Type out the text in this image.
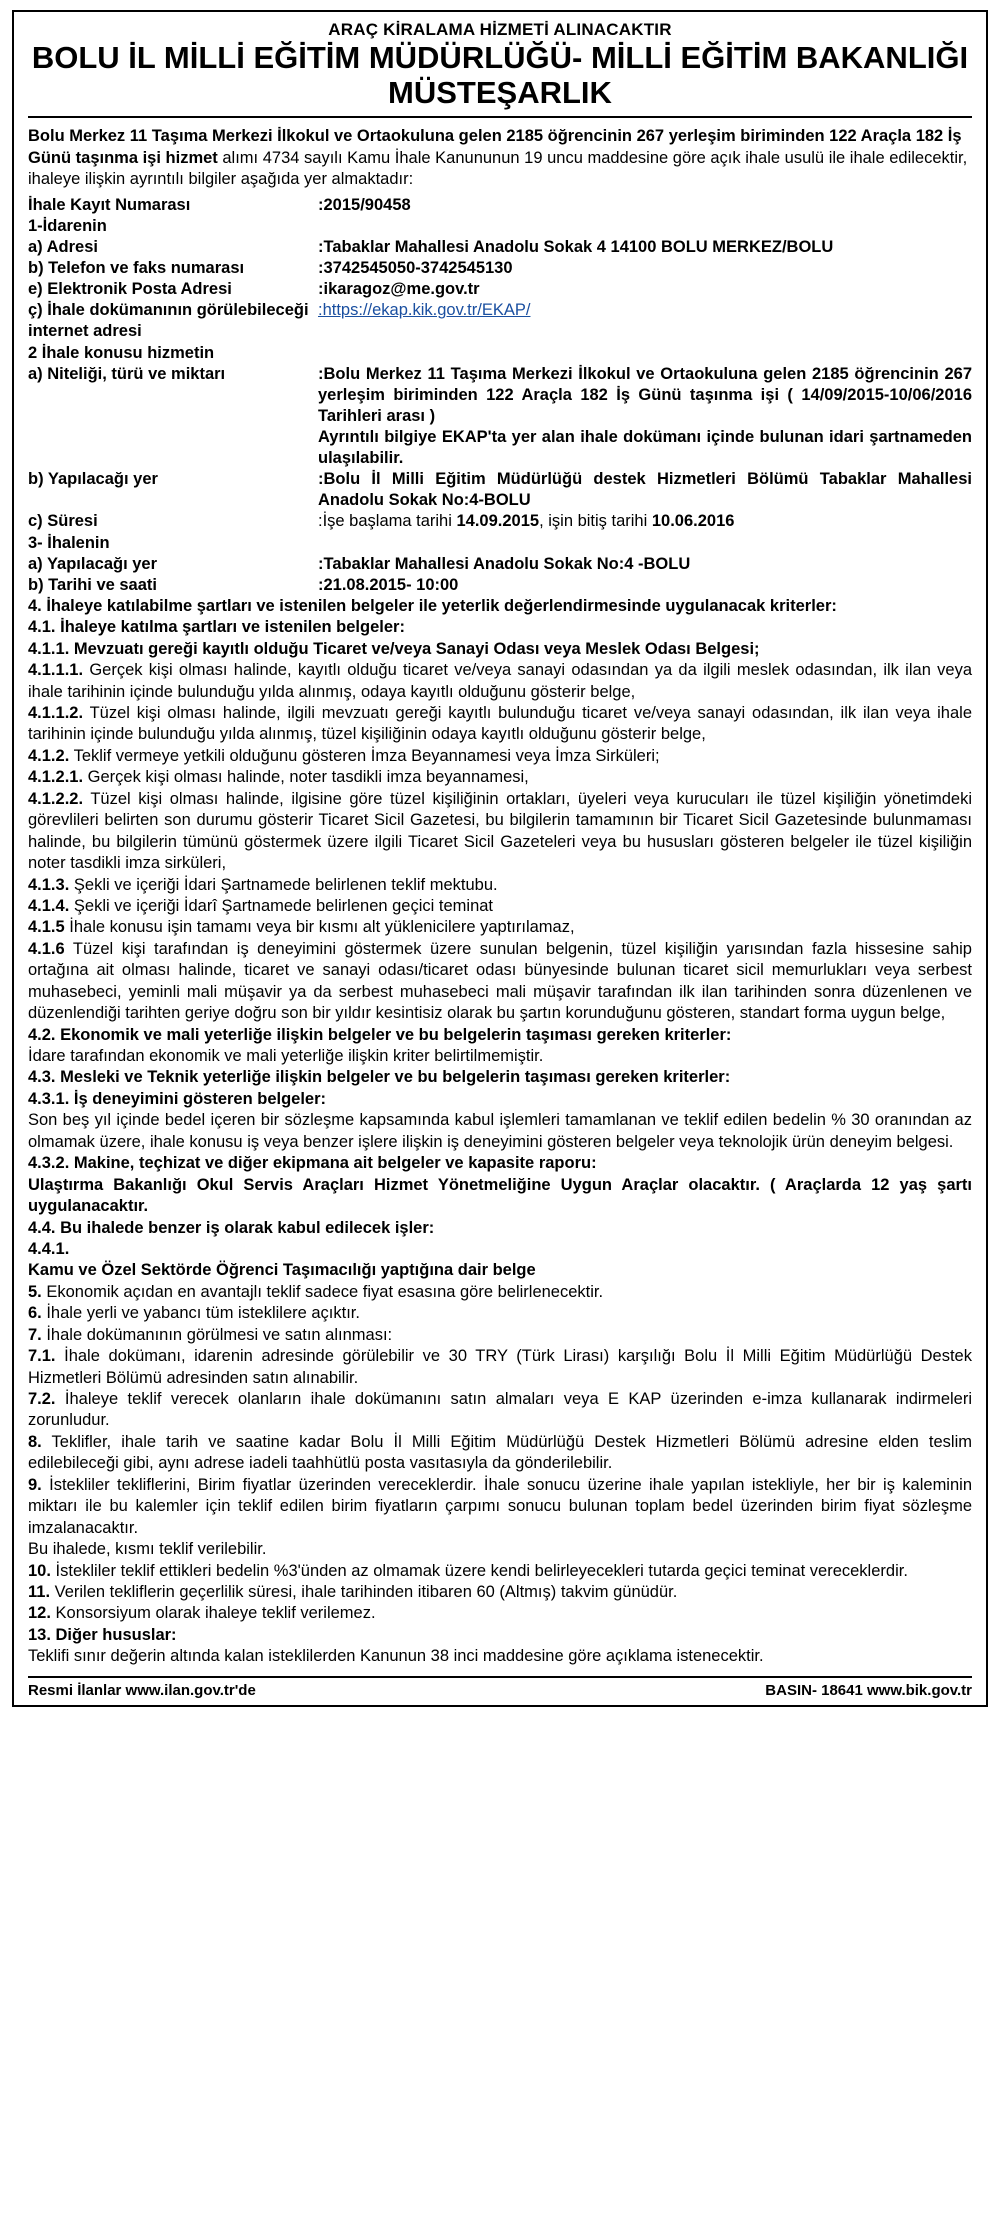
ARAÇ KİRALAMA HİZMETİ ALINACAKTIR
BOLU İL MİLLİ EĞİTİM MÜDÜRLÜĞÜ- MİLLİ EĞİTİM BAKANLIĞI MÜSTEŞARLIK
Bolu Merkez 11 Taşıma Merkezi İlkokul ve Ortaokuluna gelen 2185 öğrencinin 267 yerleşim biriminden 122 Araçla 182 İş Günü taşınma işi hizmet alımı 4734 sayılı Kamu İhale Kanununun 19 uncu maddesine göre açık ihale usulü ile ihale edilecektir, ihaleye ilişkin ayrıntılı bilgiler aşağıda yer almaktadır:
İhale Kayıt Numarası	:2015/90458
1-İdarenin	
a) Adresi	:Tabaklar Mahallesi Anadolu Sokak 4 14100 BOLU MERKEZ/BOLU
b) Telefon ve faks numarası	:3742545050-3742545130
e) Elektronik Posta Adresi	:ikaragoz@me.gov.tr
ç) İhale dokümanının görülebileceği internet adresi	:https://ekap.kik.gov.tr/EKAP/
2 İhale konusu hizmetin	
a) Niteliği, türü ve miktarı	:Bolu Merkez 11 Taşıma Merkezi İlkokul ve Ortaokuluna gelen 2185 öğrencinin 267 yerleşim biriminden 122 Araçla 182 İş Günü taşınma işi ( 14/09/2015-10/06/2016 Tarihleri arası )
Ayrıntılı bilgiye EKAP'ta yer alan ihale dokümanı içinde bulunan idari şartnameden ulaşılabilir.

b) Yapılacağı yer	:Bolu İl Milli Eğitim Müdürlüğü destek Hizmetleri Bölümü Tabaklar Mahallesi Anadolu Sokak No:4-BOLU
c) Süresi	:İşe başlama tarihi 14.09.2015, işin bitiş tarihi 10.06.2016
3- İhalenin	
a) Yapılacağı yer	:Tabaklar Mahallesi Anadolu Sokak No:4 -BOLU
b) Tarihi ve saati	:21.08.2015- 10:00
4. İhaleye katılabilme şartları ve istenilen belgeler ile yeterlik değerlendirmesinde uygulanacak kriterler:
4.1. İhaleye katılma şartları ve istenilen belgeler:
4.1.1. Mevzuatı gereği kayıtlı olduğu Ticaret ve/veya Sanayi Odası veya Meslek Odası Belgesi;
4.1.1.1. Gerçek kişi olması halinde, kayıtlı olduğu ticaret ve/veya sanayi odasından ya da ilgili meslek odasından, ilk ilan veya ihale tarihinin içinde bulunduğu yılda alınmış, odaya kayıtlı olduğunu gösterir belge,
4.1.1.2. Tüzel kişi olması halinde, ilgili mevzuatı gereği kayıtlı bulunduğu ticaret ve/veya sanayi odasından, ilk ilan veya ihale tarihinin içinde bulunduğu yılda alınmış, tüzel kişiliğinin odaya kayıtlı olduğunu gösterir belge,
4.1.2. Teklif vermeye yetkili olduğunu gösteren İmza Beyannamesi veya İmza Sirküleri;
4.1.2.1. Gerçek kişi olması halinde, noter tasdikli imza beyannamesi,
4.1.2.2. Tüzel kişi olması halinde, ilgisine göre tüzel kişiliğinin ortakları, üyeleri veya kurucuları ile tüzel kişiliğin yönetimdeki görevlileri belirten son durumu gösterir Ticaret Sicil Gazetesi, bu bilgilerin tamamının bir Ticaret Sicil Gazetesinde bulunmaması halinde, bu bilgilerin tümünü göstermek üzere ilgili Ticaret Sicil Gazeteleri veya bu hususları gösteren belgeler ile tüzel kişiliğin noter tasdikli imza sirküleri,
4.1.3. Şekli ve içeriği İdari Şartnamede belirlenen teklif mektubu.
4.1.4. Şekli ve içeriği İdarî Şartnamede belirlenen geçici teminat
4.1.5 İhale konusu işin tamamı veya bir kısmı alt yüklenicilere yaptırılamaz,
4.1.6 Tüzel kişi tarafından iş deneyimini göstermek üzere sunulan belgenin, tüzel kişiliğin yarısından fazla hissesine sahip ortağına ait olması halinde, ticaret ve sanayi odası/ticaret odası bünyesinde bulunan ticaret sicil memurlukları veya serbest muhasebeci, yeminli mali müşavir ya da serbest muhasebeci mali müşavir tarafından ilk ilan tarihinden sonra düzenlenen ve düzenlendiği tarihten geriye doğru son bir yıldır kesintisiz olarak bu şartın korunduğunu gösteren, standart forma uygun belge,
4.2. Ekonomik ve mali yeterliğe ilişkin belgeler ve bu belgelerin taşıması gereken kriterler:
İdare tarafından ekonomik ve mali yeterliğe ilişkin kriter belirtilmemiştir.
4.3. Mesleki ve Teknik yeterliğe ilişkin belgeler ve bu belgelerin taşıması gereken kriterler:
4.3.1. İş deneyimini gösteren belgeler:
Son beş yıl içinde bedel içeren bir sözleşme kapsamında kabul işlemleri tamamlanan ve teklif edilen bedelin % 30 oranından az olmamak üzere, ihale konusu iş veya benzer işlere ilişkin iş deneyimini gösteren belgeler veya teknolojik ürün deneyim belgesi.
4.3.2. Makine, teçhizat ve diğer ekipmana ait belgeler ve kapasite raporu:
Ulaştırma Bakanlığı Okul Servis Araçları Hizmet Yönetmeliğine Uygun Araçlar olacaktır. ( Araçlarda 12 yaş şartı uygulanacaktır.
4.4. Bu ihalede benzer iş olarak kabul edilecek işler:
4.4.1.
Kamu ve Özel Sektörde Öğrenci Taşımacılığı yaptığına dair belge
5. Ekonomik açıdan en avantajlı teklif sadece fiyat esasına göre belirlenecektir.
6. İhale yerli ve yabancı tüm isteklilere açıktır.
7. İhale dokümanının görülmesi ve satın alınması:
7.1. İhale dokümanı, idarenin adresinde görülebilir ve 30 TRY (Türk Lirası) karşılığı Bolu İl Milli Eğitim Müdürlüğü Destek Hizmetleri Bölümü adresinden satın alınabilir.
7.2. İhaleye teklif verecek olanların ihale dokümanını satın almaları veya E KAP üzerinden e-imza kullanarak indirmeleri zorunludur.
8. Teklifler, ihale tarih ve saatine kadar Bolu İl Milli Eğitim Müdürlüğü Destek Hizmetleri Bölümü adresine elden teslim edilebileceği gibi, aynı adrese iadeli taahhütlü posta vasıtasıyla da gönderilebilir.
9. İstekliler tekliflerini, Birim fiyatlar üzerinden vereceklerdir. İhale sonucu üzerine ihale yapılan istekliyle, her bir iş kaleminin miktarı ile bu kalemler için teklif edilen birim fiyatların çarpımı sonucu bulunan toplam bedel üzerinden birim fiyat sözleşme imzalanacaktır.
Bu ihalede, kısmı teklif verilebilir.
10. İstekliler teklif ettikleri bedelin %3'ünden az olmamak üzere kendi belirleyecekleri tutarda geçici teminat vereceklerdir.
11. Verilen tekliflerin geçerlilik süresi, ihale tarihinden itibaren 60 (Altmış) takvim günüdür.
12. Konsorsiyum olarak ihaleye teklif verilemez.
13. Diğer hususlar:
Teklifi sınır değerin altında kalan isteklilerden Kanunun 38 inci maddesine göre açıklama istenecektir.
Resmi İlanlar www.ilan.gov.tr'de	BASIN- 18641 www.bik.gov.tr
